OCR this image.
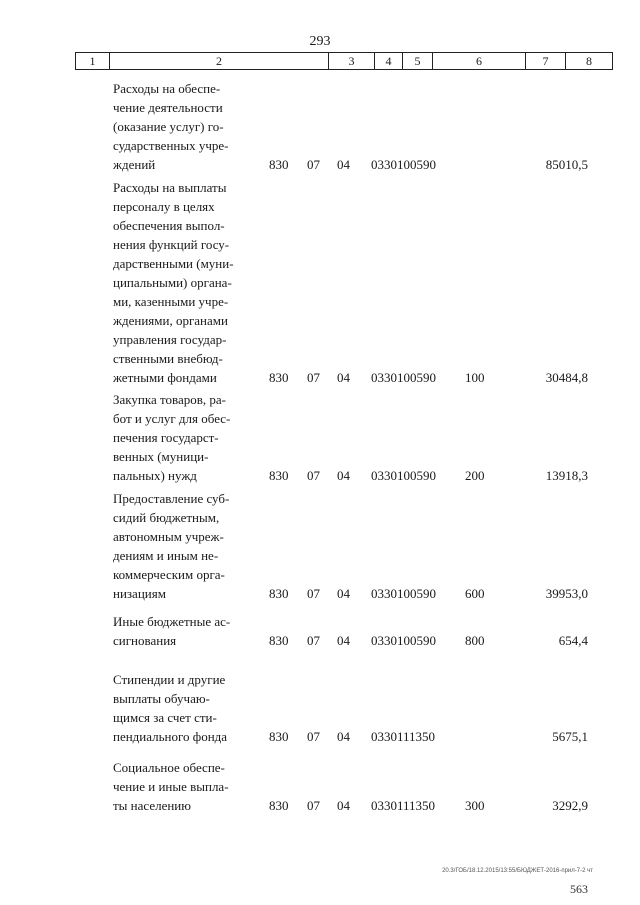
293
1	2	3	4	5	6	7	8
Расходы на обеспе-
чение деятельности
(оказание услуг) го-
сударственных учре-
ждений	830 07 04 0330100590	85010,5
Расходы на выплаты
персоналу в целях
обеспечения выпол-
нения функций госу-
дарственными (муни-
ципальными) органа-
ми, казенными учре-
ждениями, органами
управления государ-
ственными внебюд-
жетными фондами	830 07 04 0330100590 100	30484,8
Закупка товаров, ра-
бот и услуг для обес-
печения государст-
венных (муници-
пальных) нужд	830 07 04 0330100590 200	13918,3
Предоставление суб-
сидий бюджетным,
автономным учреж-
дениям и иным не-
коммерческим орга-
низациям	830 07 04 0330100590 600	39953,0
Иные бюджетные ас-
сигнования	830 07 04 0330100590 800	654,4
Стипендии и другие
выплаты обучаю-
щимся за счет сти-
пендиального фонда	830 07 04 0330111350	5675,1
Социальное обеспе-
чение и иные выпла-
ты населению	830 07 04 0330111350 300	3292,9
20.3/ГОБ/18.12.2015/13:55/БЮДЖЕТ-2016-прил-7-2 чт
563
